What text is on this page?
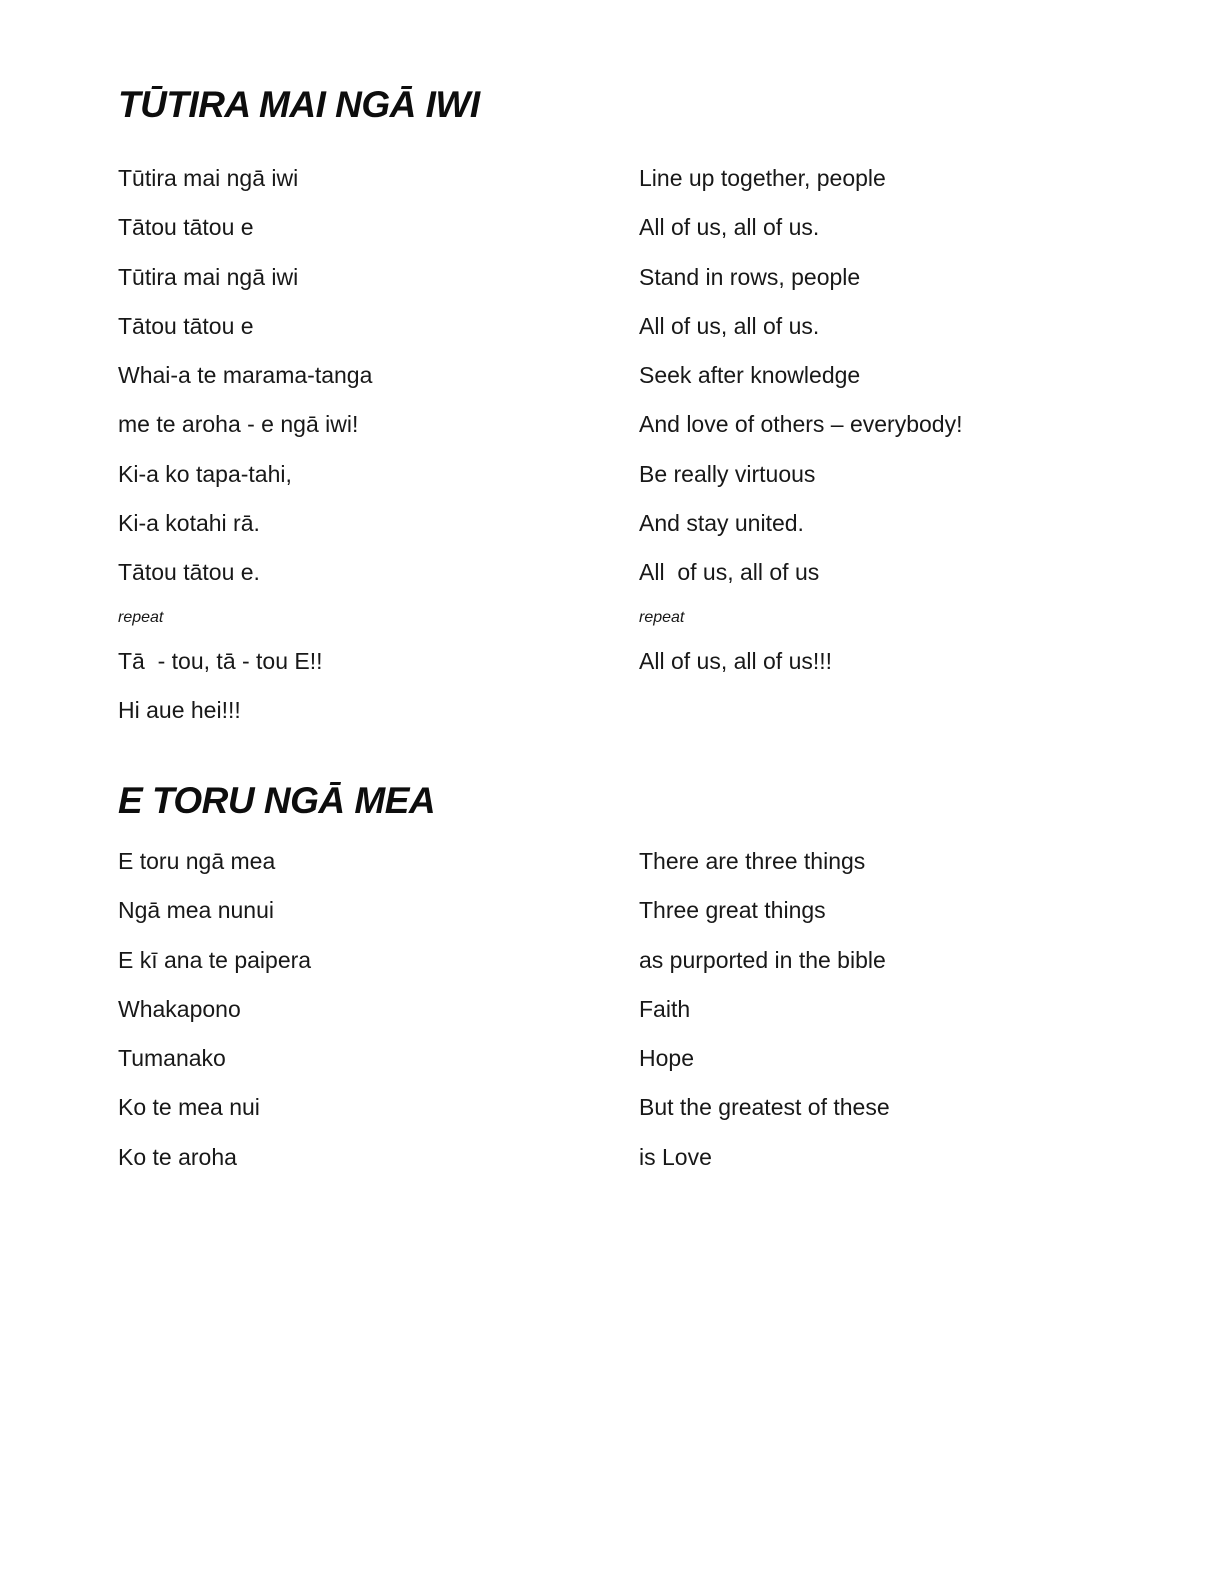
TŪTIRA MAI NGĀ IWI
Tūtira mai ngā iwi
Tātou tātou e
Tūtira mai ngā iwi
Tātou tātou e
Whai-a te marama-tanga
me te aroha - e ngā iwi!
Ki-a ko tapa-tahi,
Ki-a kotahi rā.
Tātou tātou e.
repeat
Tā  - tou, tā - tou E!!
Hi aue hei!!!
Line up together, people
All of us, all of us.
Stand in rows, people
All of us, all of us.
Seek after knowledge
And love of others – everybody!
Be really virtuous
And stay united.
All  of us, all of us
repeat
All of us, all of us!!!
E TORU NGĀ MEA
E toru ngā mea
Ngā mea nunui
E kī ana te paipera
Whakapono
Tumanako
Ko te mea nui
Ko te aroha
There are three things
Three great things
as purported in the bible
Faith
Hope
But the greatest of these
is Love
